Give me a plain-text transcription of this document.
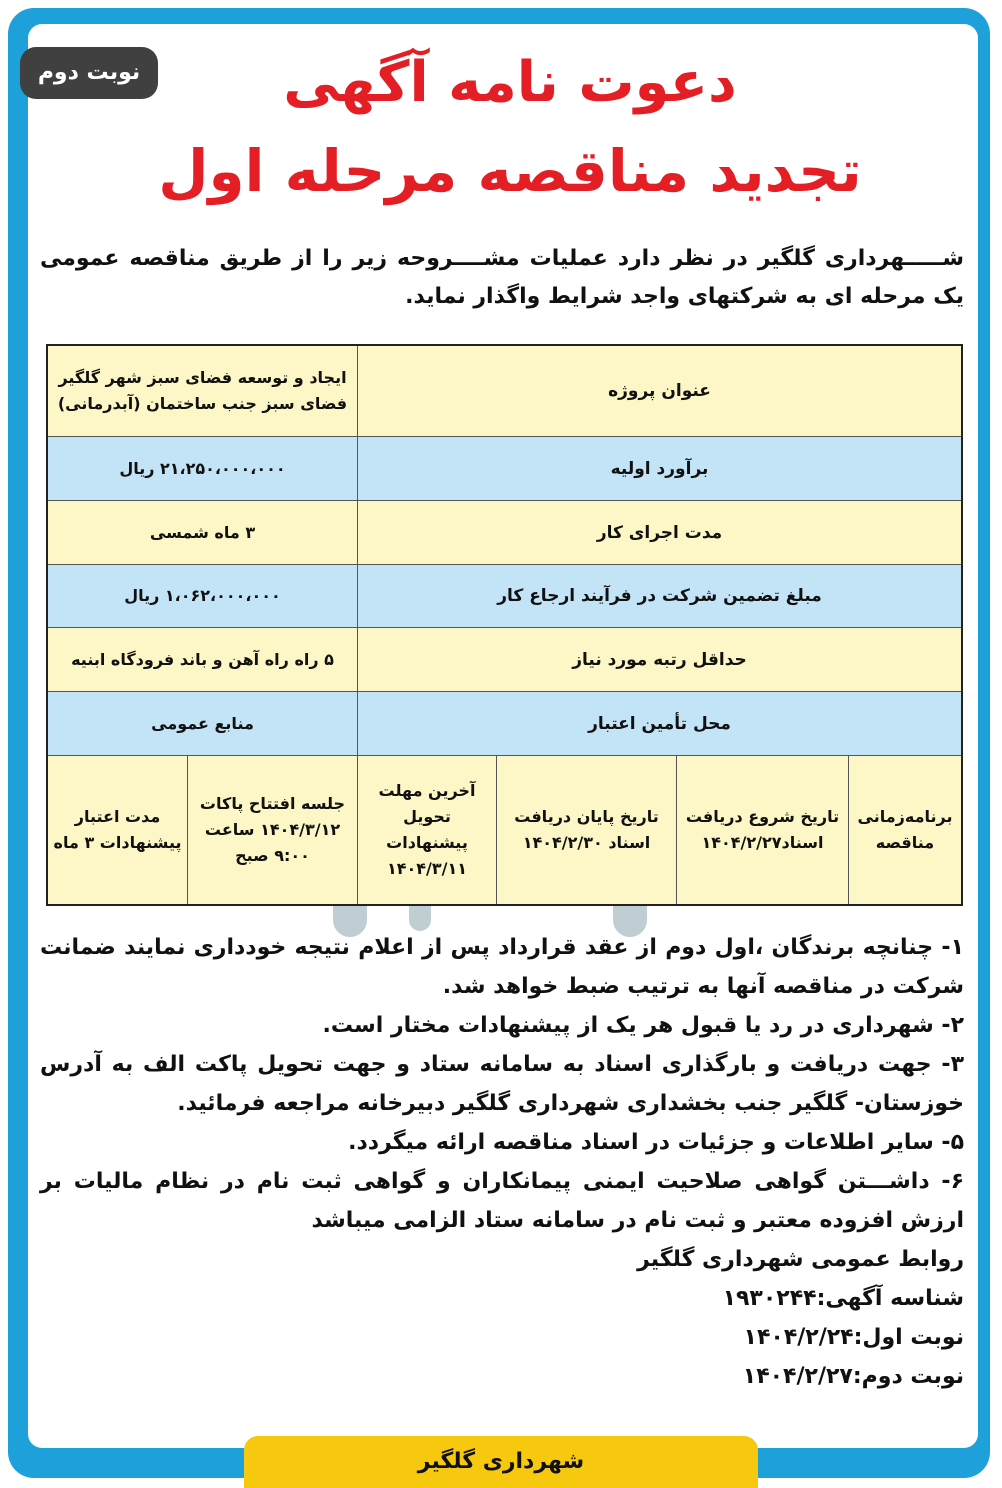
نوبت دوم	دعوت نامه آگهی
تجدید مناقصه مرحله اول
شـــــهرداری گلگیر در نظر دارد عملیات مشــــروحه زیر را از طریق مناقصه عمومی یک مرحله ای به شرکتهای واجد شرایط واگذار نماید.
عنوان پروژه
ایجاد و توسعه فضای سبز شهر گلگیر فضای سبز جنب ساختمان (آبدرمانی)
برآورد اولیه
۲۱،۲۵۰،۰۰۰،۰۰۰ ریال
مدت اجرای کار
۳ ماه شمسی
مبلغ تضمین شرکت در فرآیند ارجاع کار
۱،۰۶۲،۰۰۰،۰۰۰ ریال
حداقل رتبه مورد نیاز
۵ راه راه آهن و باند فرودگاه ابنیه
محل تأمین اعتبار
منابع عمومی
برنامه‌زمانی مناقصه
تاریخ شروع دریافت اسناد۱۴۰۴/۲/۲۷
تاریخ پایان دریافت اسناد ۱۴۰۴/۲/۳۰
آخرین مهلت تحویل پیشنهادات ۱۴۰۴/۳/۱۱
جلسه افتتاح پاکات ۱۴۰۴/۳/۱۲ ساعت ۹:۰۰ صبح
مدت اعتبار پیشنهادات ۳ ماه

۱- چنانچه برندگان ،اول دوم از عقد قرارداد پس از اعلام نتیجه خودداری نمایند ضمانت شرکت در مناقصه آنها به ترتیب ضبط خواهد شد.

۲- شهرداری در رد یا قبول هر یک از پیشنهادات مختار است.

۳- جهت دریافت و بارگذاری اسناد به سامانه ستاد و جهت تحویل پاکت الف به آدرس خوزستان- گلگیر جنب بخشداری شهرداری گلگیر دبیرخانه مراجعه فرمائید.

۵- سایر اطلاعات و جزئیات در اسناد مناقصه ارائه میگردد.

۶- داشـــتن گواهی صلاحیت ایمنی پیمانکاران و گواهی ثبت نام در نظام مالیات بر ارزش افزوده معتبر و ثبت نام در سامانه ستاد الزامی میباشد

روابط عمومی شهرداری گلگیر

شناسه آگهی:۱۹۳۰۲۴۴

نوبت اول:۱۴۰۴/۲/۲۴

نوبت دوم:۱۴۰۴/۲/۲۷

شهرداری گلگیر
